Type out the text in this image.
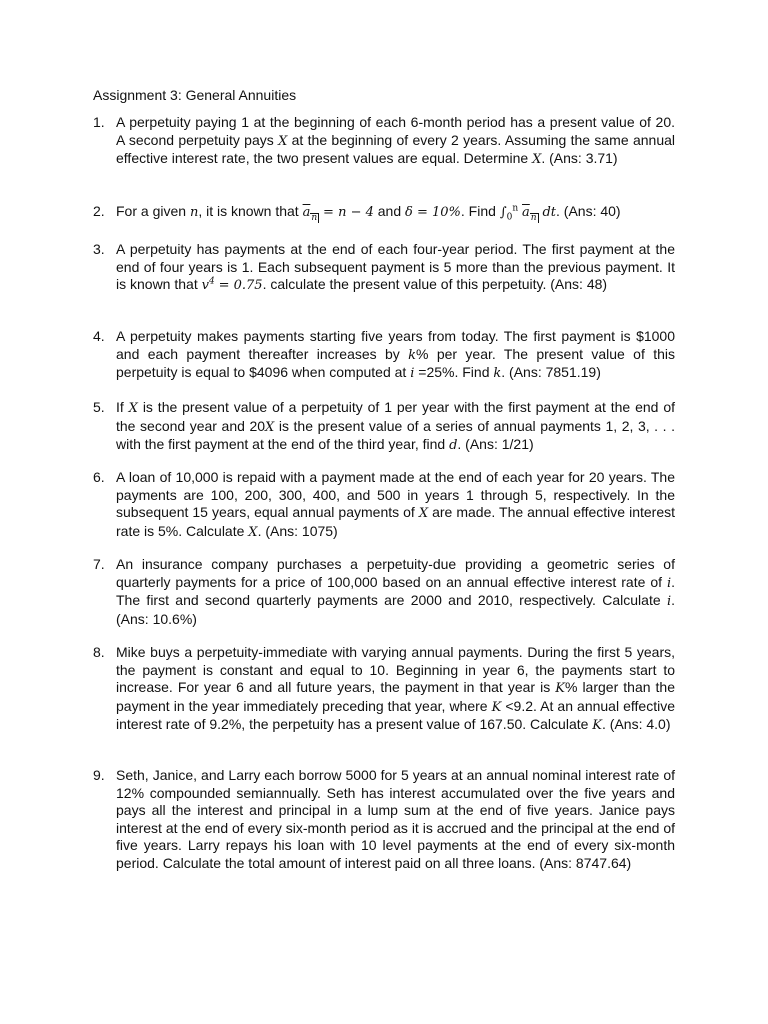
Assignment 3: General Annuities
1. A perpetuity paying 1 at the beginning of each 6-month period has a present value of 20. A second perpetuity pays X at the beginning of every 2 years. Assuming the same annual effective interest rate, the two present values are equal. Determine X. (Ans: 3.71)
2. For a given n, it is known that $\overline{a}_n = n - 4$ and δ = 10%. Find $\int_0^n$ $\overline{a}_n$ dt. (Ans: 40)
3. A perpetuity has payments at the end of each four-year period. The first payment at the end of four years is 1. Each subsequent payment is 5 more than the previous payment. It is known that $v^4 = 0.75$. calculate the present value of this perpetuity. (Ans: 48)
4. A perpetuity makes payments starting five years from today. The first payment is $1000 and each payment thereafter increases by k% per year. The present value of this perpetuity is equal to $4096 when computed at i =25%. Find k. (Ans: 7851.19)
5. If X is the present value of a perpetuity of 1 per year with the first payment at the end of the second year and 20X is the present value of a series of annual payments 1, 2, 3, . . . with the first payment at the end of the third year, find d. (Ans: 1/21)
6. A loan of 10,000 is repaid with a payment made at the end of each year for 20 years. The payments are 100, 200, 300, 400, and 500 in years 1 through 5, respectively. In the subsequent 15 years, equal annual payments of X are made. The annual effective interest rate is 5%. Calculate X. (Ans: 1075)
7. An insurance company purchases a perpetuity-due providing a geometric series of quarterly payments for a price of 100,000 based on an annual effective interest rate of i. The first and second quarterly payments are 2000 and 2010, respectively. Calculate i. (Ans: 10.6%)
8. Mike buys a perpetuity-immediate with varying annual payments. During the first 5 years, the payment is constant and equal to 10. Beginning in year 6, the payments start to increase. For year 6 and all future years, the payment in that year is K% larger than the payment in the year immediately preceding that year, where K <9.2. At an annual effective interest rate of 9.2%, the perpetuity has a present value of 167.50. Calculate K. (Ans: 4.0)
9. Seth, Janice, and Larry each borrow 5000 for 5 years at an annual nominal interest rate of 12% compounded semiannually. Seth has interest accumulated over the five years and pays all the interest and principal in a lump sum at the end of five years. Janice pays interest at the end of every six-month period as it is accrued and the principal at the end of five years. Larry repays his loan with 10 level payments at the end of every six-month period. Calculate the total amount of interest paid on all three loans. (Ans: 8747.64)
